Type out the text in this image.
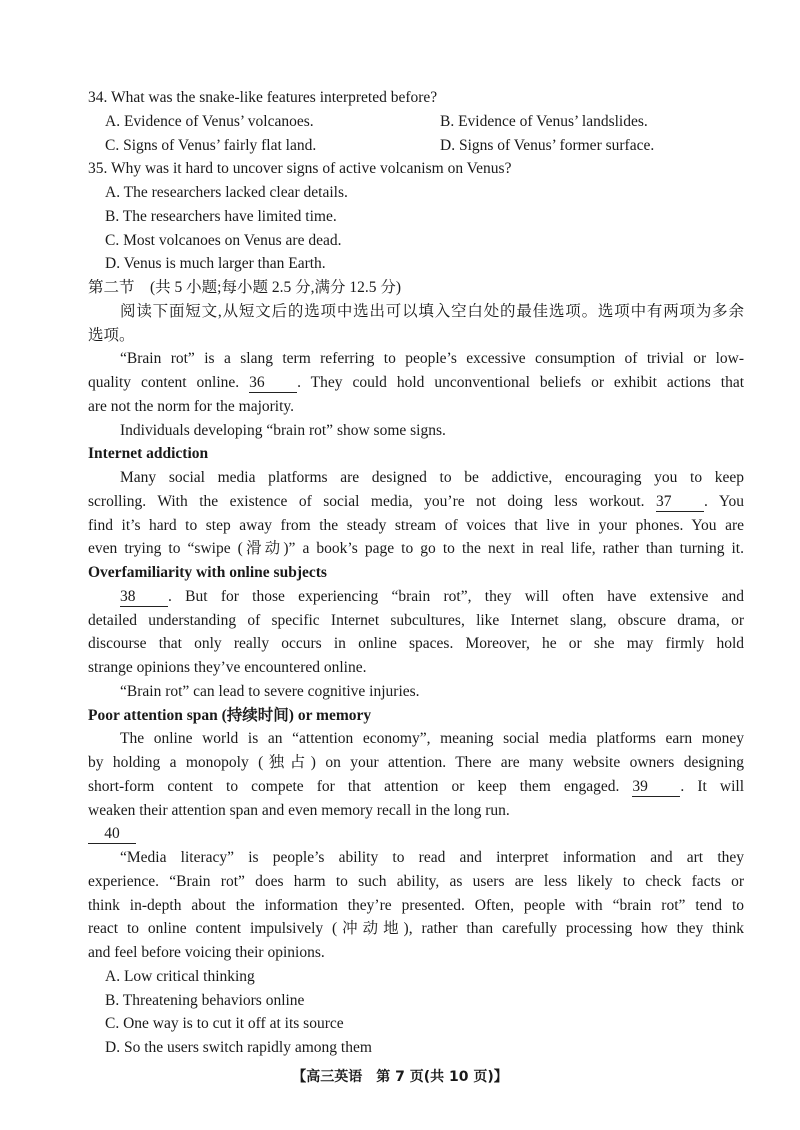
34. What was the snake-like features interpreted before?
A. Evidence of Venus’ volcanoes.	B. Evidence of Venus’ landslides.
C. Signs of Venus’ fairly flat land.	D. Signs of Venus’ former surface.
35. Why was it hard to uncover signs of active volcanism on Venus?
A. The researchers lacked clear details.
B. The researchers have limited time.
C. Most volcanoes on Venus are dead.
D. Venus is much larger than Earth.
第二节　(共 5 小题;每小题 2.5 分,满分 12.5 分)
阅读下面短文,从短文后的选项中选出可以填入空白处的最佳选项。选项中有两项为多余
选项。
“Brain rot” is a slang term referring to people’s excessive consumption of trivial or low-
quality content online. 36 . They could hold unconventional beliefs or exhibit actions that
are not the norm for the majority.
Individuals developing “brain rot” show some signs.
Internet addiction
Many social media platforms are designed to be addictive, encouraging you to keep
scrolling. With the existence of social media, you’re not doing less workout. 37 . You
find it’s hard to step away from the steady stream of voices that live in your phones. You are
even trying to “swipe (滑动)” a book’s page to go to the next in real life, rather than turning it.
Overfamiliarity with online subjects
38 . But for those experiencing “brain rot”, they will often have extensive and
detailed understanding of specific Internet subcultures, like Internet slang, obscure drama, or
discourse that only really occurs in online spaces. Moreover, he or she may firmly hold
strange opinions they’ve encountered online.
“Brain rot” can lead to severe cognitive injuries.
Poor attention span (持续时间) or memory
The online world is an “attention economy”, meaning social media platforms earn money
by holding a monopoly (独占) on your attention. There are many website owners designing
short-form content to compete for that attention or keep them engaged. 39 . It will
weaken their attention span and even memory recall in the long run.
40
“Media literacy” is people’s ability to read and interpret information and art they
experience. “Brain rot” does harm to such ability, as users are less likely to check facts or
think in-depth about the information they’re presented. Often, people with “brain rot” tend to
react to online content impulsively (冲动地), rather than carefully processing how they think
and feel before voicing their opinions.
A. Low critical thinking
B. Threatening behaviors online
C. One way is to cut it off at its source
D. So the users switch rapidly among them
【高三英语　第 7 页(共 10 页)】
